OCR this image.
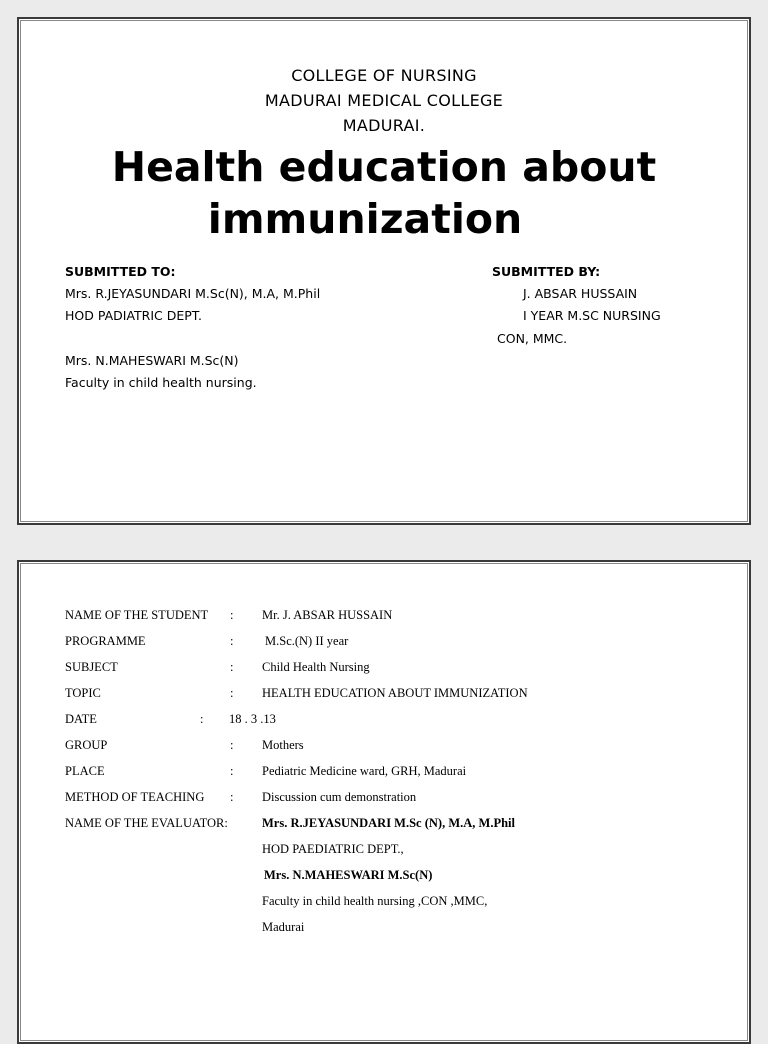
COLLEGE OF NURSING
MADURAI MEDICAL COLLEGE
MADURAI.
Health education about
immunization
SUBMITTED TO:
Mrs. R.JEYASUNDARI M.Sc(N), M.A, M.Phil
HOD PADIATRIC DEPT.
Mrs. N.MAHESWARI M.Sc(N)
Faculty in child health nursing.
SUBMITTED BY:
J. ABSAR HUSSAIN
I YEAR M.SC NURSING
CON, MMC.
NAME OF THE STUDENT : Mr. J. ABSAR HUSSAIN
PROGRAMME	:	M.Sc.(N) II year
SUBJECT	: Child Health Nursing
TOPIC	: HEALTH EDUCATION ABOUT IMMUNIZATION
DATE	: 18 . 3 .13
GROUP	: Mothers
PLACE	: Pediatric Medicine ward, GRH, Madurai
METHOD OF TEACHING : Discussion cum demonstration
NAME OF THE EVALUATOR:	Mrs. R.JEYASUNDARI M.Sc (N), M.A, M.Phil
HOD PAEDIATRIC DEPT.,
Mrs. N.MAHESWARI M.Sc(N)
Faculty in child health nursing ,CON ,MMC,
Madurai
